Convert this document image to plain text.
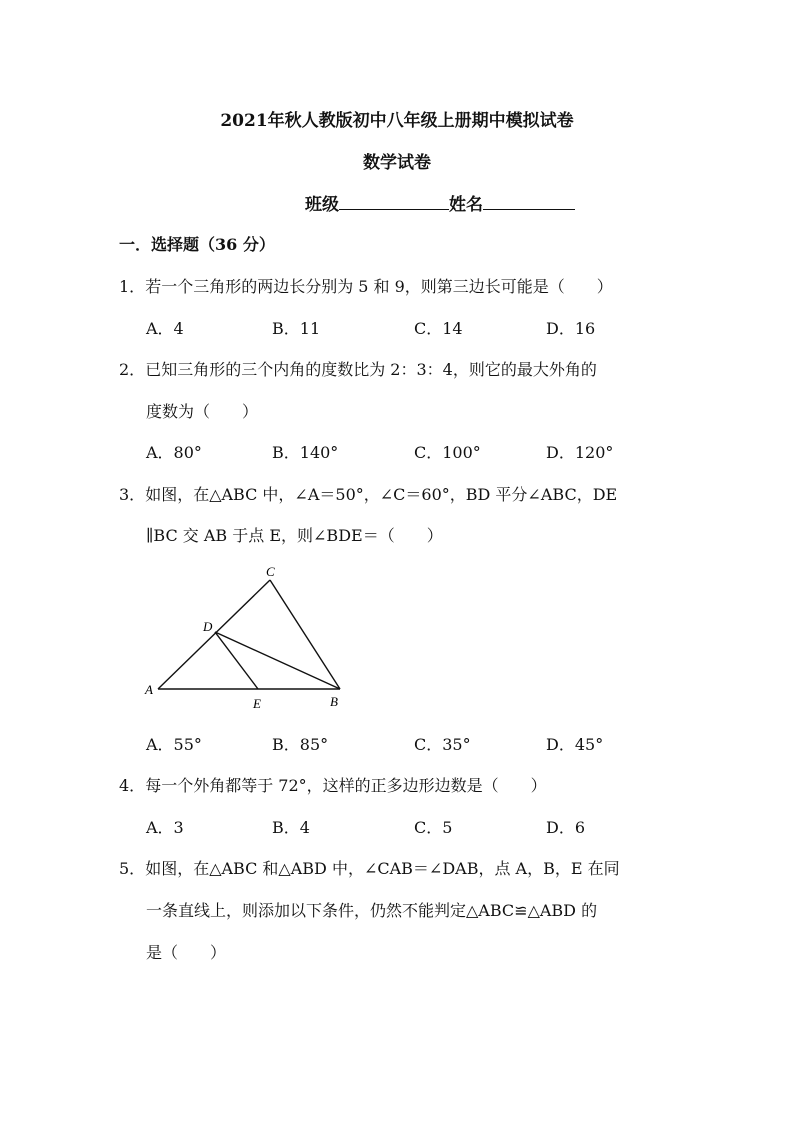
2021年秋人教版初中八年级上册期中模拟试卷
数学试卷
班级	姓名
一．选择题（36 分）
1．若一个三角形的两边长分别为 5 和 9，则第三边长可能是（　　）
A．4	B．11	C．14	D．16
2．已知三角形的三个内角的度数比为 2：3：4，则它的最大外角的
度数为（　　）
A．80°	B．140°	C．100°	D．120°
3．如图，在△ABC 中，∠A＝50°，∠C＝60°，BD 平分∠ABC，DE
∥BC 交 AB 于点 E，则∠BDE＝（　　）
C
D
A
E	B
A．55°	B．85°	C．35°	D．45°
4．每一个外角都等于 72°，这样的正多边形边数是（　　）
A．3	B．4	C．5	D．6
5．如图，在△ABC 和△ABD 中，∠CAB＝∠DAB，点 A，B，E 在同
一条直线上，则添加以下条件，仍然不能判定△ABC≌△ABD 的
是（　　）
